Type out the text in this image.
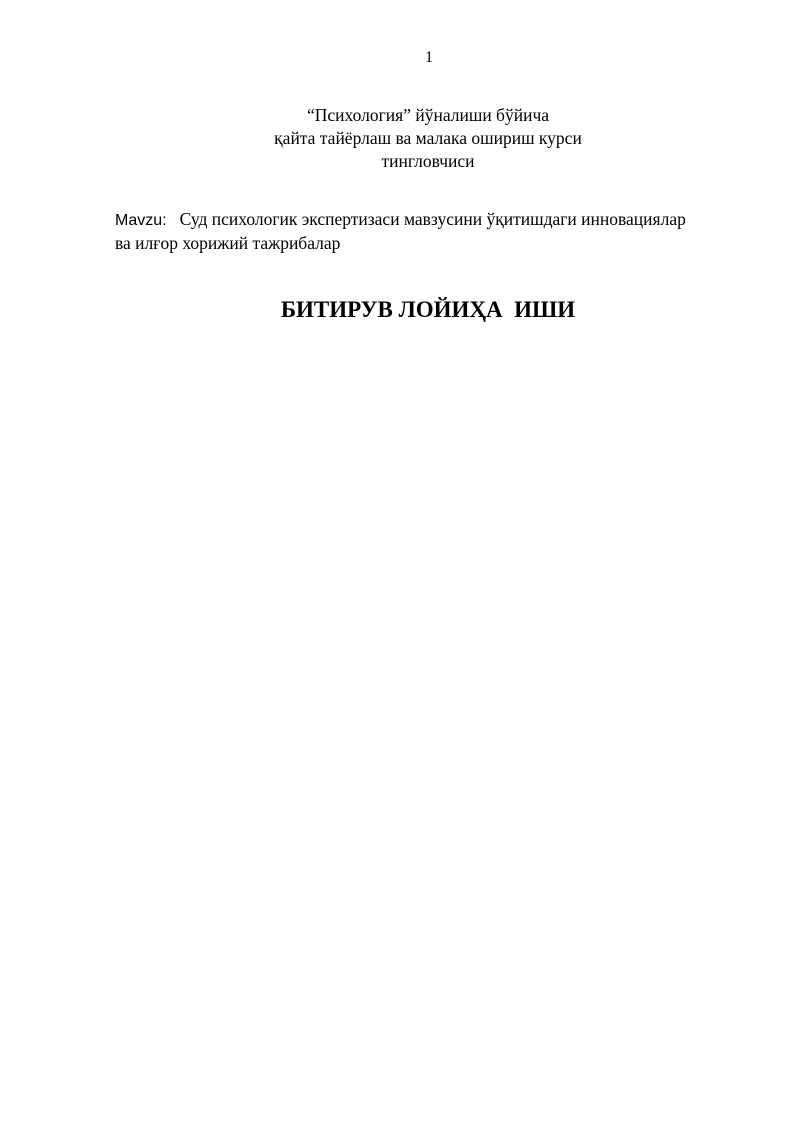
1
“Психология” йўналиши бўйича
қайта тайёрлаш ва малака ошириш курси
тингловчиси
Mavzu: Суд психологик экспертизаси мавзусини ўқитишдаги инновациялар
ва илғор хорижий тажрибалар
БИТИРУВ ЛОЙИҲА  ИШИ
